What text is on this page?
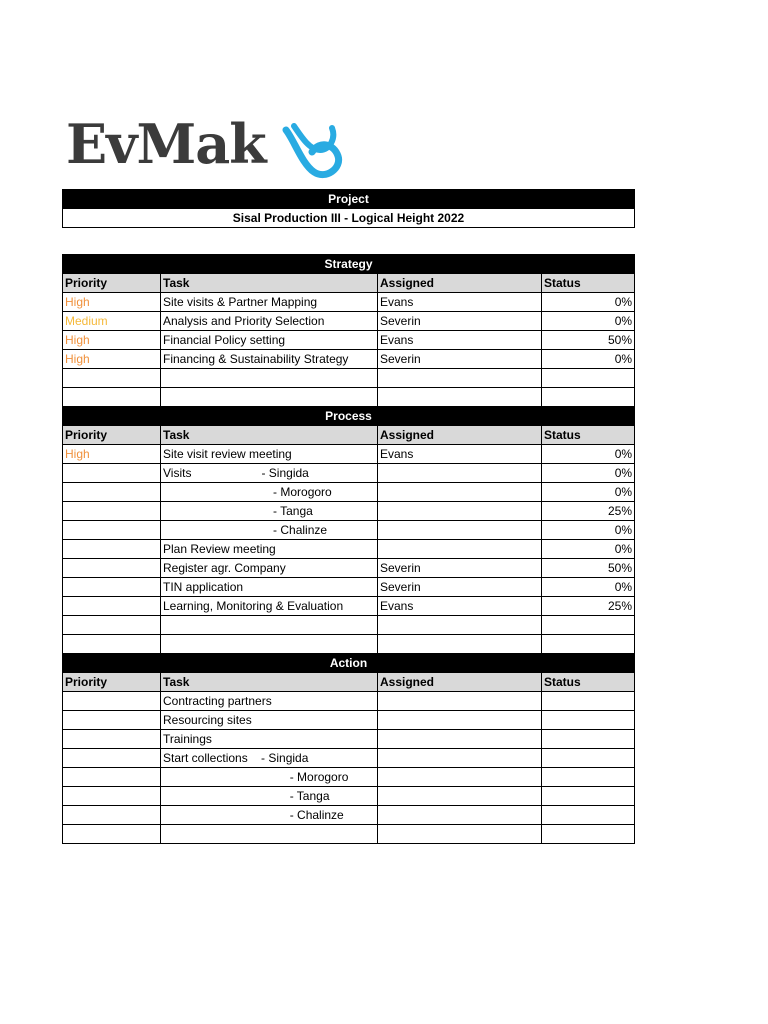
EvMak
Project
Sisal Production III - Logical Height 2022
Strategy			
Priority	Task	Assigned	Status
High	Site visits & Partner Mapping	Evans	0%
Medium	Analysis and Priority Selection	Severin	0%
High	Financial Policy setting	Evans	50%
High	Financing & Sustainability Strategy	Severin	0%

Process			
Priority	Task	Assigned	Status
High	Site visit review meeting	Evans	0%
	Visits                     - Singida		0%
	- Morogoro		0%
	- Tanga		25%
	- Chalinze		0%
	Plan Review meeting		0%
	Register agr. Company	Severin	50%
	TIN application	Severin	0%
	Learning, Monitoring & Evaluation	Evans	25%

Action			
Priority	Task	Assigned	Status
	Contracting partners		
	Resourcing sites		
	Trainings		
	Start collections    - Singida		
	- Morogoro		
	- Tanga		
	- Chalinze		
